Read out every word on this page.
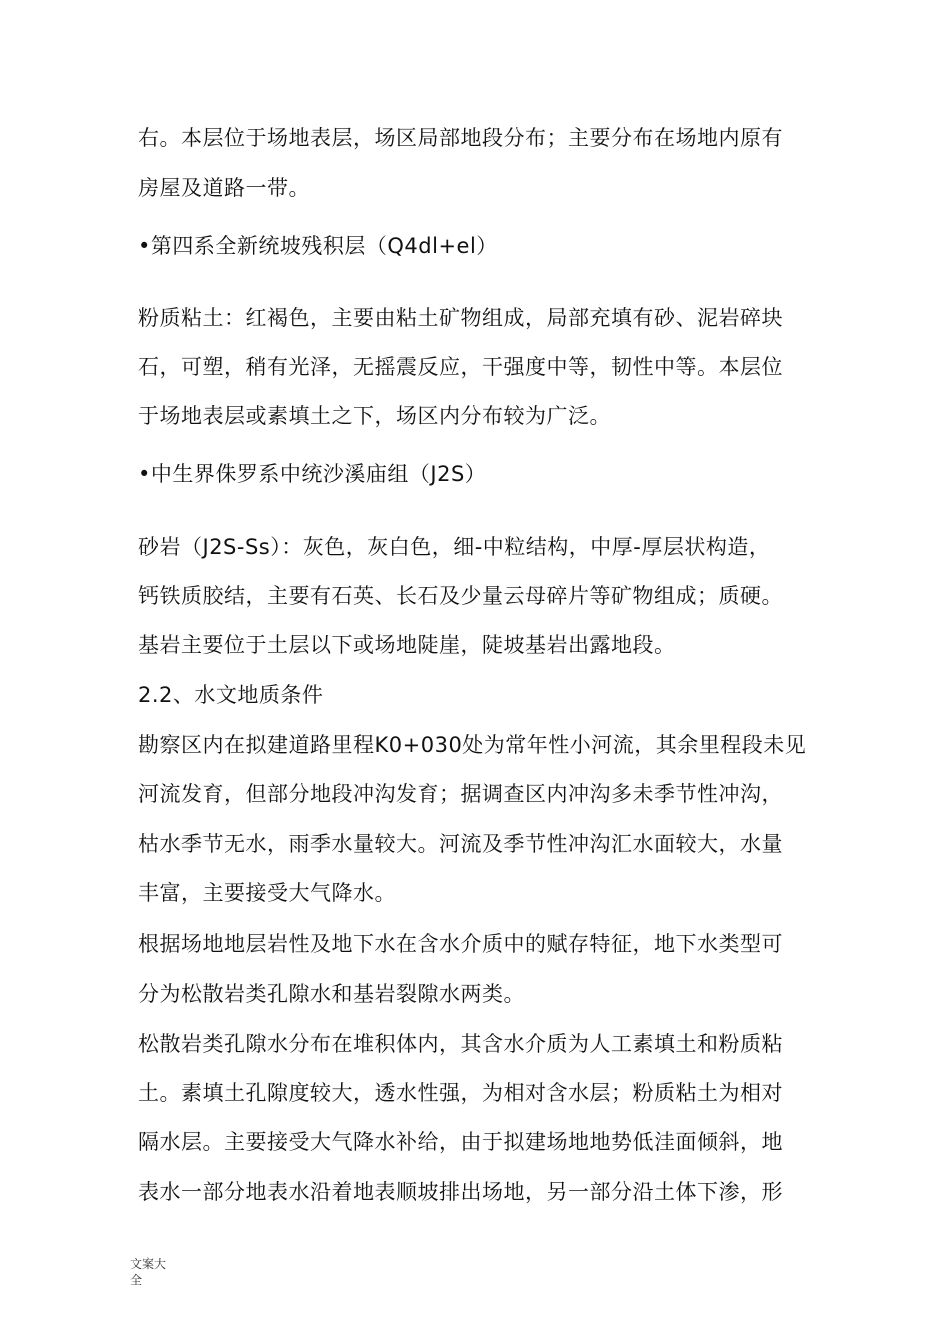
右。本层位于场地表层，场区局部地段分布；主要分布在场地内原有
房屋及道路一带。
•第四系全新统坡残积层（Q4dl+el）
粉质粘土：红褐色，主要由粘土矿物组成，局部充填有砂、泥岩碎块
石，可塑，稍有光泽，无摇震反应，干强度中等，韧性中等。本层位
于场地表层或素填土之下，场区内分布较为广泛。
•中生界侏罗系中统沙溪庙组（J2S）
砂岩（J2S-Ss）：灰色，灰白色，细-中粒结构，中厚-厚层状构造，
钙铁质胶结，主要有石英、长石及少量云母碎片等矿物组成；质硬。
基岩主要位于土层以下或场地陡崖，陡坡基岩出露地段。
2.2、水文地质条件
勘察区内在拟建道路里程K0+030处为常年性小河流，其余里程段未见
河流发育，但部分地段冲沟发育；据调查区内冲沟多未季节性冲沟，
枯水季节无水，雨季水量较大。河流及季节性冲沟汇水面较大，水量
丰富，主要接受大气降水。
根据场地地层岩性及地下水在含水介质中的赋存特征，地下水类型可
分为松散岩类孔隙水和基岩裂隙水两类。
松散岩类孔隙水分布在堆积体内，其含水介质为人工素填土和粉质粘
土。素填土孔隙度较大，透水性强，为相对含水层；粉质粘土为相对
隔水层。主要接受大气降水补给，由于拟建场地地势低洼面倾斜，地
表水一部分地表水沿着地表顺坡排出场地，另一部分沿土体下渗，形
文案大全
